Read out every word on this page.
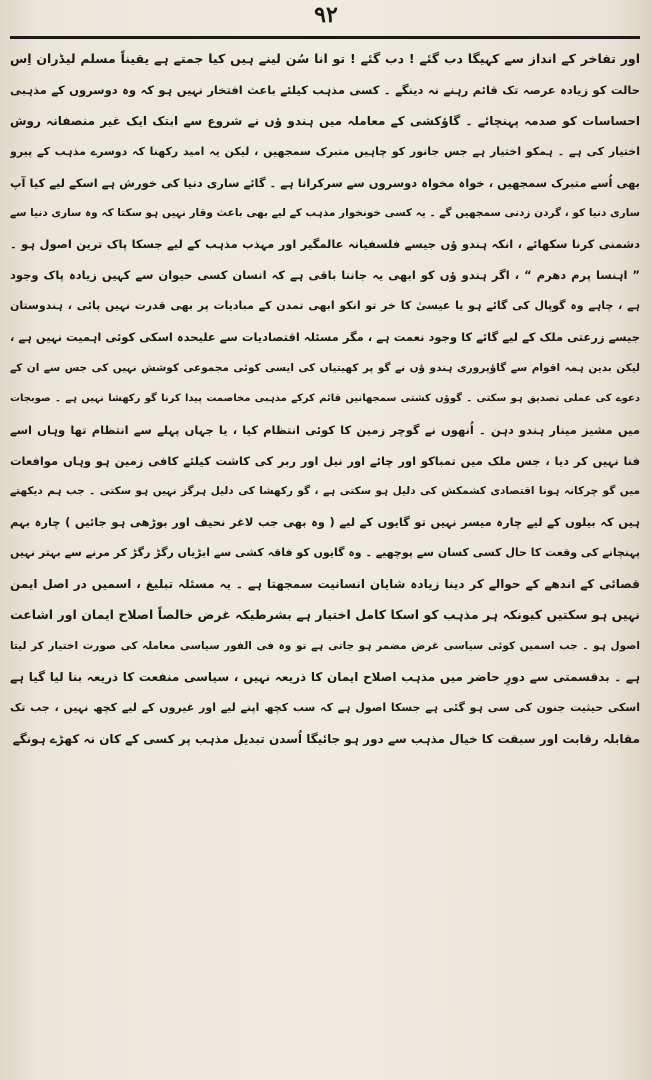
٩٢
اور تفاخر کے انداز سے کہیگا دب گئے ! دب گئے ! تو انا سُن لینے ہیں کیا جمتے ہے یقیناً مسلم لیڈران اِس
حالت کو زیادہ عرصہ تک قائم رہنے نہ دینگے ۔ کسی مذہب کیلئے باعث افتخار نہیں ہو کہ وہ دوسروں کے مذہبی
احساسات کو صدمہ پہنچائے ۔ گاؤکشی کے معاملہ میں ہندو ؤں نے شروع سے ابتک ایک غیر منصفانہ روش
اختیار کی ہے ۔ ہمکو اختیار ہے جس جانور کو چاہیں متبرک سمجھیں ، لیکن یہ امید رکھنا کہ دوسرے مذہب کے پیرو
بھی اُسے متبرک سمجھیں ، خواہ مخواہ دوسروں سے سرکرانا ہے ۔ گائے ساری دنیا کی خورش ہے اسکے لیے کیا آپ
ساری دنیا کو ، گردن زدنی سمجھیں گے ۔ یہ کسی خونخوار مذہب کے لیے بھی باعث وقار نہیں ہو سکتا کہ وہ ساری دنیا سے
دشمنی کرنا سکھائے ، انکہ ہندو ؤں جیسے فلسفیانہ عالمگیر اور مہذب مذہب کے لیے جسکا پاک ترین اصول ہو ۔
” اہنسا پرم دھرم “ ، اگر ہندو ؤں کو ابھی یہ جاننا باقی ہے کہ انسان کسی حیوان سے کہیں زیادہ پاک وجود
ہے ، چاہے وہ گوپال کی گائے ہو یا عیسیٰ کا خر تو انکو ابھی تمدن کے مبادیات پر بھی قدرت نہیں پائی ، ہندوستان
جیسے زرعتی ملک کے لیے گائے کا وجود نعمت ہے ، مگر مسئلہ اقتصادیات سے علیحدہ اسکی کوئی اہمیت نہیں ہے ،
لیکن بدین ہمہ اقوام سے گاؤپروری ہندو ؤں نے گو پر کھیتیاں کی ایسی کوئی مجموعی کوشش نہیں کی جس سے ان کے
دعوے کی عملی تصدیق ہو سکتی ۔ گوؤں کشتی سمجھانیں قائم کرکے مذہبی مخاصمت پیدا کرنا گو رکھشا نہیں ہے ۔ صوبجات
میں مشیز مینار ہندو دہن ۔ اُنھوں نے گوچر زمین کا کوئی انتظام کیا ، یا جہاں پہلے سے انتظام تھا وہاں اسے
فنا نہیں کر دیا ، جس ملک میں تمباکو اور چائے اور نیل اور ربر کی کاشت کیلئے کافی زمین ہو وہاں موافعات
میں گو چرکانہ ہونا اقتصادی کشمکش کی دلیل ہو سکتی ہے ، گو رکھشا کی دلیل ہرگز نہیں ہو سکتی ۔ جب ہم دیکھتے
ہیں کہ بیلوں کے لیے چارہ میسر نہیں تو گایوں کے لیے ( وہ بھی جب لاغر نحیف اور بوڑھی ہو جائیں ) چارہ بہم
پہنچانے کی وقعت کا حال کسی کسان سے پوچھیے ۔ وہ گایوں کو فاقہ کشی سے ایڑیاں رگڑ رگڑ کر مرنے سے بہتر نہیں
قصائی کے اندھے کے حوالے کر دینا زیادہ شایان انسانیت سمجھتا ہے ۔ یہ مسئلہ تبلیغ ، اسمیں در اصل ایمن
نہیں ہو سکتیں کیونکہ ہر مذہب کو اسکا کامل اختیار ہے بشرطیکہ غرض خالصاً اصلاح ایمان اور اشاعت
اصول ہو ۔ جب اسمیں کوئی سیاسی غرض مضمر ہو جاتی ہے تو وہ فی الفور سیاسی معاملہ کی صورت اختیار کر لیتا
ہے ۔ بدقسمتی سے دورِ حاضر میں مذہب اصلاح ایمان کا ذریعہ نہیں ، سیاسی منفعت کا ذریعہ بنا لیا گیا ہے
اسکی حیثیت جنون کی سی ہو گئی ہے جسکا اصول ہے کہ سب کچھ اپنے لیے اور غیروں کے لیے کچھ نہیں ، جب تک
مقابلہ رقابت اور سبقت کا خیال مذہب سے دور ہو جائیگا اُسدن تبدیل مذہب پر کسی کے کان نہ کھڑے ہونگے
